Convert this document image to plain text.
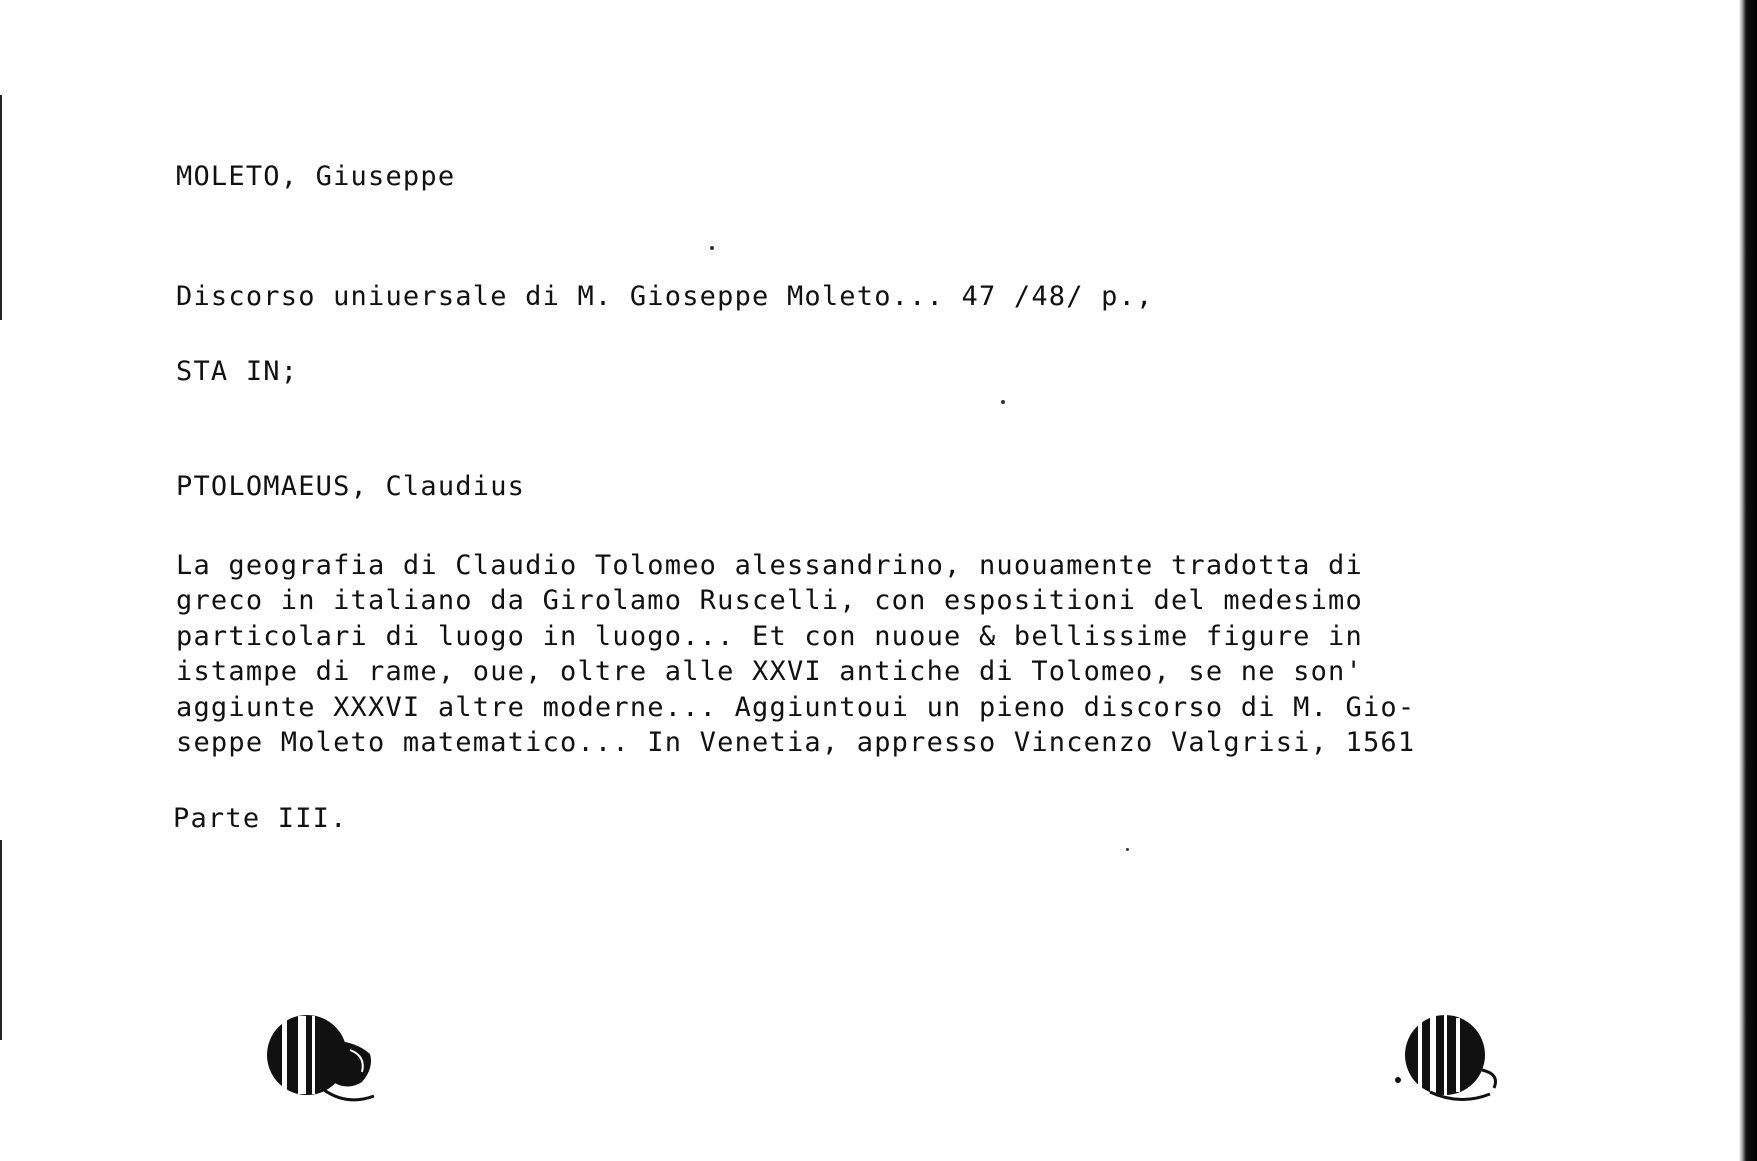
MOLETO, Giuseppe
Discorso uniuersale di M. Gioseppe Moleto... 47 /48/ p.,
STA IN;
PTOLOMAEUS, Claudius
La geografia di Claudio Tolomeo alessandrino, nuouamente tradotta di
greco in italiano da Girolamo Ruscelli, con espositioni del medesimo
particolari di luogo in luogo... Et con nuoue & bellissime figure in
istampe di rame, oue, oltre alle XXVI antiche di Tolomeo, se ne son'
aggiunte XXXVI altre moderne... Aggiuntoui un pieno discorso di M. Gio-
seppe Moleto matematico... In Venetia, appresso Vincenzo Valgrisi, 1561
Parte III.
